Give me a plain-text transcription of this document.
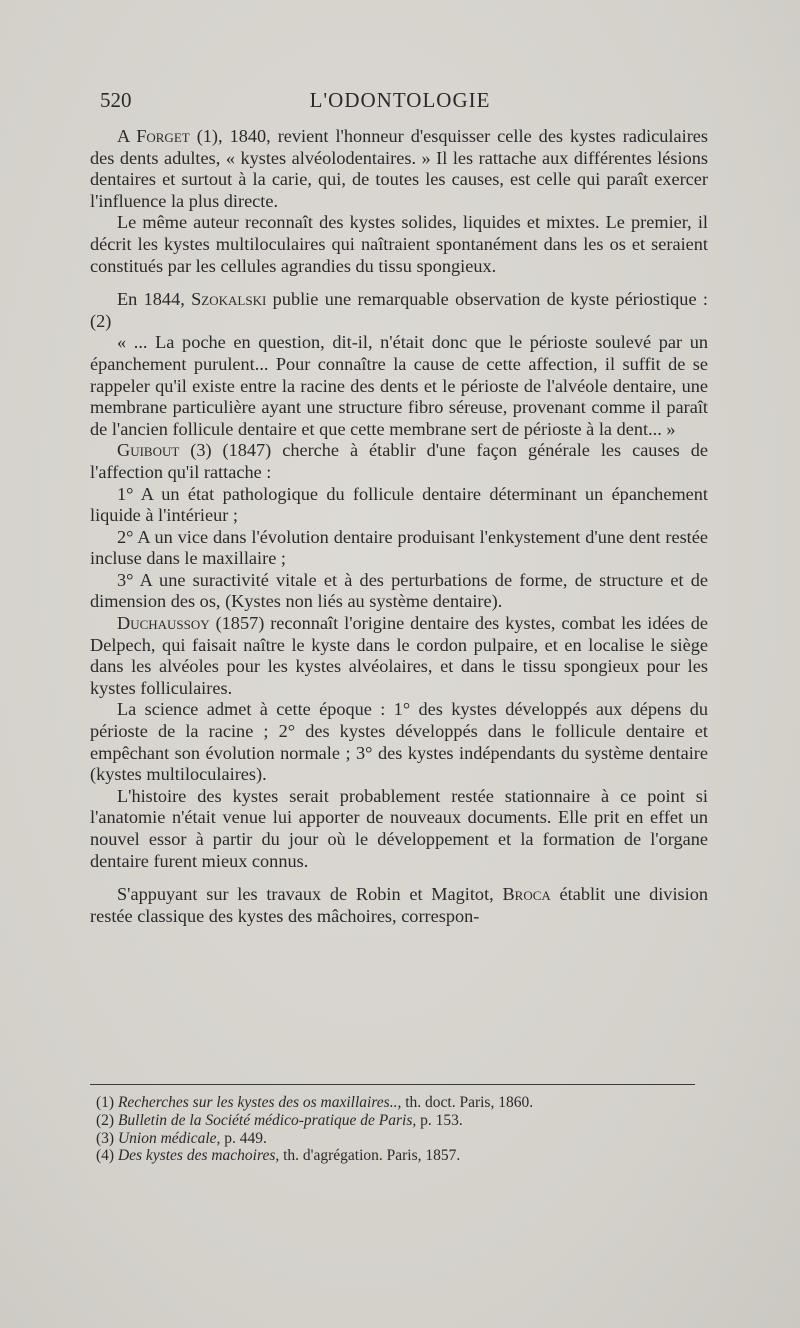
520	L'ODONTOLOGIE

A Forget (1), 1840, revient l'honneur d'esquisser celle des kystes radiculaires des dents adultes, « kystes alvéolodentaires. » Il les rattache aux différentes lésions dentaires et surtout à la carie, qui, de toutes les causes, est celle qui paraît exercer l'influence la plus directe.

Le même auteur reconnaît des kystes solides, liquides et mixtes. Le premier, il décrit les kystes multiloculaires qui naîtraient spontanément dans les os et seraient constitués par les cellules agrandies du tissu spongieux.

En 1844, Szokalski publie une remarquable observation de kyste périostique : (2)

« ... La poche en question, dit-il, n'était donc que le périoste soulevé par un épanchement purulent... Pour connaître la cause de cette affection, il suffit de se rappeler qu'il existe entre la racine des dents et le périoste de l'alvéole dentaire, une membrane particulière ayant une structure fibro séreuse, provenant comme il paraît de l'ancien follicule dentaire et que cette membrane sert de périoste à la dent... »

Guibout (3) (1847) cherche à établir d'une façon générale les causes de l'affection qu'il rattache :

1° A un état pathologique du follicule dentaire déterminant un épanchement liquide à l'intérieur ;

2° A un vice dans l'évolution dentaire produisant l'enkystement d'une dent restée incluse dans le maxillaire ;

3° A une suractivité vitale et à des perturbations de forme, de structure et de dimension des os, (Kystes non liés au système dentaire).

Duchaussoy (1857) reconnaît l'origine dentaire des kystes, combat les idées de Delpech, qui faisait naître le kyste dans le cordon pulpaire, et en localise le siège dans les alvéoles pour les kystes alvéolaires, et dans le tissu spongieux pour les kystes folliculaires.

La science admet à cette époque : 1° des kystes développés aux dépens du périoste de la racine ; 2° des kystes développés dans le follicule dentaire et empêchant son évolution normale ; 3° des kystes indépendants du système dentaire (kystes multiloculaires).

L'histoire des kystes serait probablement restée stationnaire à ce point si l'anatomie n'était venue lui apporter de nouveaux documents. Elle prit en effet un nouvel essor à partir du jour où le développement et la formation de l'organe dentaire furent mieux connus.

S'appuyant sur les travaux de Robin et Magitot, Broca établit une division restée classique des kystes des mâchoires, correspon-

(1) Recherches sur les kystes des os maxillaires.., th. doct. Paris, 1860.
(2) Bulletin de la Société médico-pratique de Paris, p. 153.
(3) Union médicale, p. 449.
(4) Des kystes des machoires, th. d'agrégation. Paris, 1857.
